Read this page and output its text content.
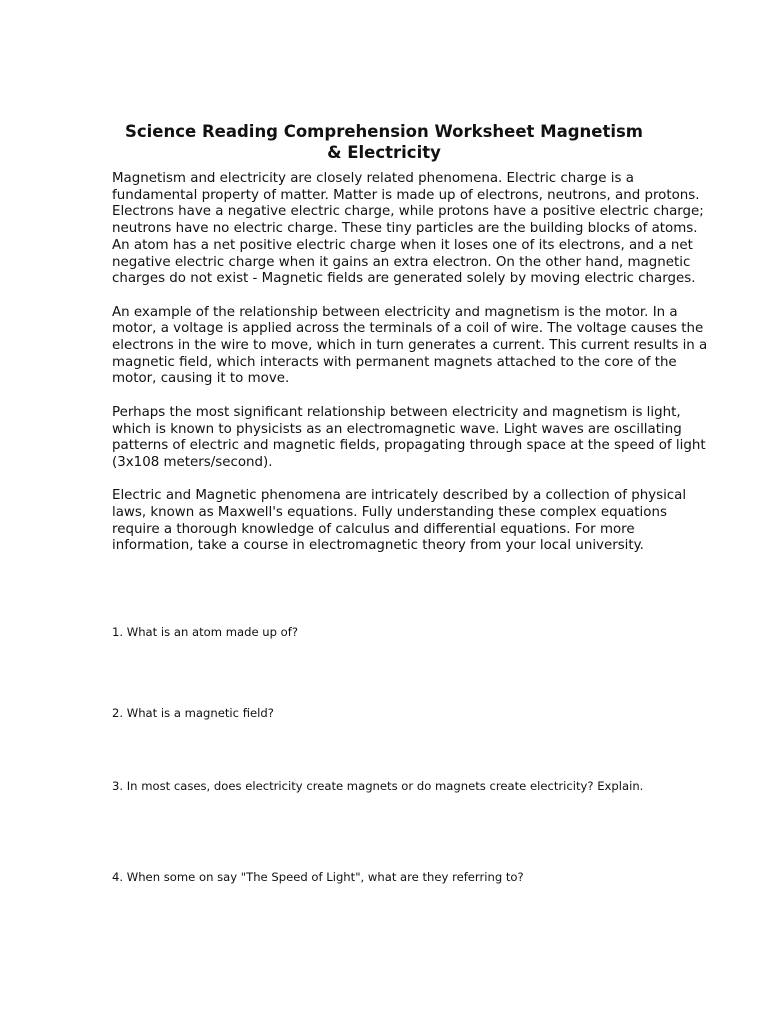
Science Reading Comprehension Worksheet Magnetism
& Electricity

Magnetism and electricity are closely related phenomena. Electric charge is a fundamental property of matter. Matter is made up of electrons, neutrons, and protons. Electrons have a negative electric charge, while protons have a positive electric charge; neutrons have no electric charge. These tiny particles are the building blocks of atoms. An atom has a net positive electric charge when it loses one of its electrons, and a net negative electric charge when it gains an extra electron. On the other hand, magnetic charges do not exist - Magnetic fields are generated solely by moving electric charges.

An example of the relationship between electricity and magnetism is the motor. In a motor, a voltage is applied across the terminals of a coil of wire. The voltage causes the electrons in the wire to move, which in turn generates a current. This current results in a magnetic field, which interacts with permanent magnets attached to the core of the motor, causing it to move.

Perhaps the most significant relationship between electricity and magnetism is light, which is known to physicists as an electromagnetic wave. Light waves are oscillating patterns of electric and magnetic fields, propagating through space at the speed of light (3x108 meters/second).

Electric and Magnetic phenomena are intricately described by a collection of physical laws, known as Maxwell's equations. Fully understanding these complex equations require a thorough knowledge of calculus and differential equations. For more information, take a course in electromagnetic theory from your local university.

1. What is an atom made up of?

2. What is a magnetic field?

3. In most cases, does electricity create magnets or do magnets create electricity? Explain.

4. When some on say "The Speed of Light", what are they referring to?
